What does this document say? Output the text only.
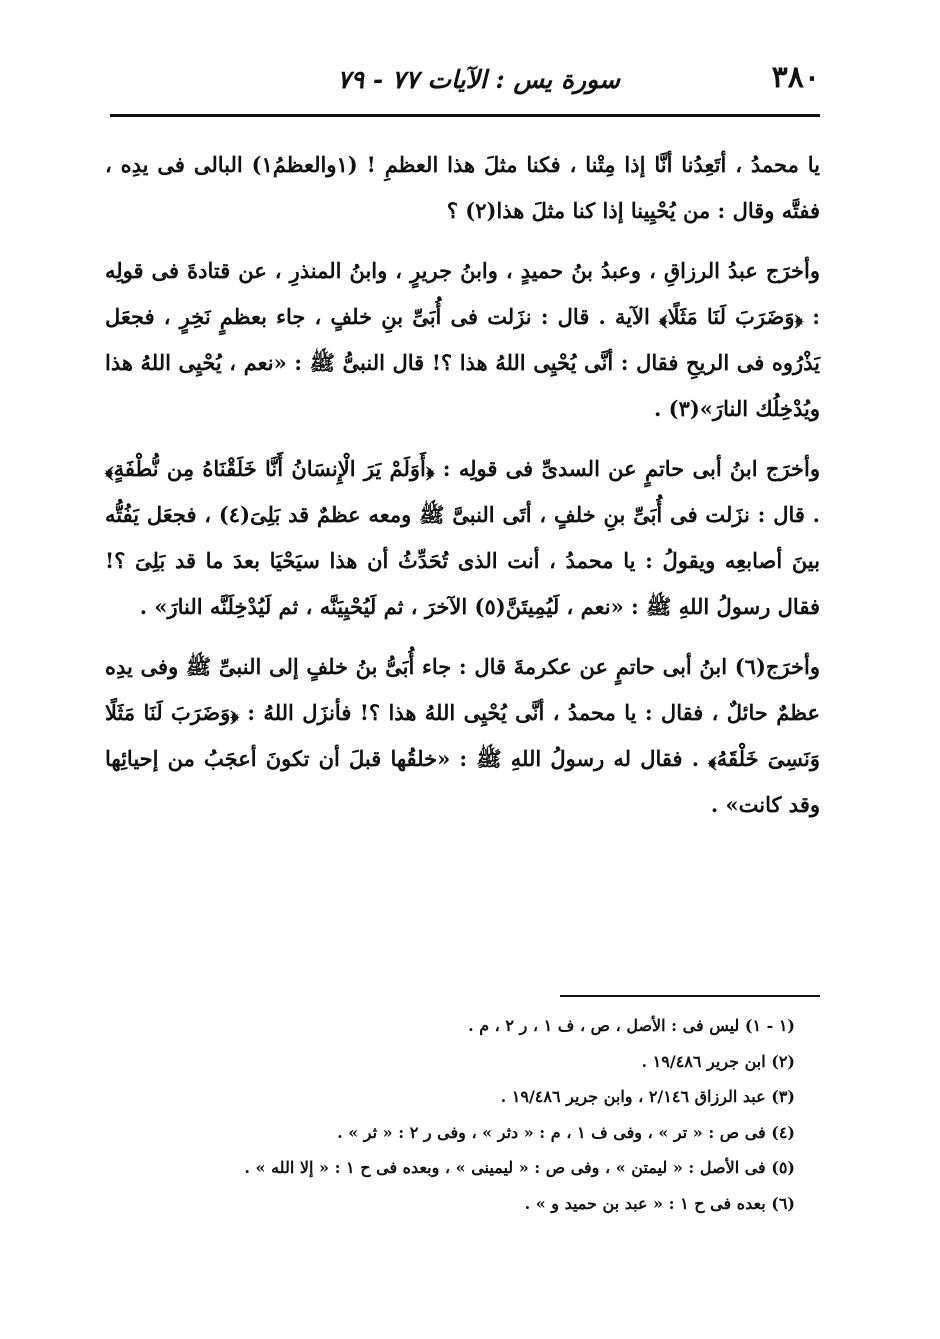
٣٨٠
سورة يس : الآيات ٧٧ - ٧٩

يا محمدُ ، أتَعِدُنا أنَّا إذا مِتْنا ، فكنا مثلَ هذا العظمِ ! (١والعظمُ١) البالى فى يدِه ، ففتَّه وقال : من يُحْيِينا إذا كنا مثلَ هذا(٢) ؟

وأخرَج عبدُ الرزاقِ ، وعبدُ بنُ حميدٍ ، وابنُ جريرٍ ، وابنُ المنذرِ ، عن قتادةَ فى قولِه : ﴿وَضَرَبَ لَنَا مَثَلًا﴾ الآية . قال : نزَلت فى أُبَىِّ بنِ خلفٍ ، جاء بعظمٍ نَخِرٍ ، فجعَل يَذْرُوه فى الريحِ فقال : أنَّى يُحْيِى اللهُ هذا ؟! قال النبىُّ ﷺ : «نعم ، يُحْيِى اللهُ هذا ويُدْخِلُك النارَ»(٣) .

وأخرَج ابنُ أبى حاتمٍ عن السدىِّ فى قولِه : ﴿أَوَلَمْ يَرَ الْإِنسَانُ أَنَّا خَلَقْنَاهُ مِن نُّطْفَةٍ﴾ . قال : نزَلت فى أُبَىِّ بنِ خلفٍ ، أتَى النبىَّ ﷺ ومعه عظمٌ قد بَلِىَ(٤) ، فجعَل يَفُتُّه بينَ أصابعِه ويقولُ : يا محمدُ ، أنت الذى تُحَدِّثُ أن هذا سيَحْيَا بعدَ ما قد بَلِىَ ؟! فقال رسولُ اللهِ ﷺ : «نعم ، لَيُمِيتَنَّ(٥) الآخرَ ، ثم لَيُحْيِيَنَّه ، ثم لَيُدْخِلَنَّه النارَ» .

وأخرَج(٦) ابنُ أبى حاتمٍ عن عكرمةَ قال : جاء أُبَىُّ بنُ خلفٍ إلى النبىِّ ﷺ وفى يدِه عظمٌ حائلٌ ، فقال : يا محمدُ ، أنَّى يُحْيِى اللهُ هذا ؟! فأنزَل اللهُ : ﴿وَضَرَبَ لَنَا مَثَلًا وَنَسِىَ خَلْقَهُ﴾ . فقال له رسولُ اللهِ ﷺ : «خلقُها قبلَ أن تكونَ أعجَبُ من إحيائِها وقد كانت» .

(١ - ١) ليس فى : الأصل ، ص ، ف ١ ، ر ٢ ، م .
(٢) ابن جرير ١٩/٤٨٦ .
(٣) عبد الرزاق ٢/١٤٦ ، وابن جرير ١٩/٤٨٦ .
(٤) فى ص : « تر » ، وفى ف ١ ، م : « دثر » ، وفى ر ٢ : « ثر » .
(٥) فى الأصل : « ليمتن » ، وفى ص : « ليمينى » ، وبعده فى ح ١ : « إلا الله » .
(٦) بعده فى ح ١ : « عبد بن حميد و » .
